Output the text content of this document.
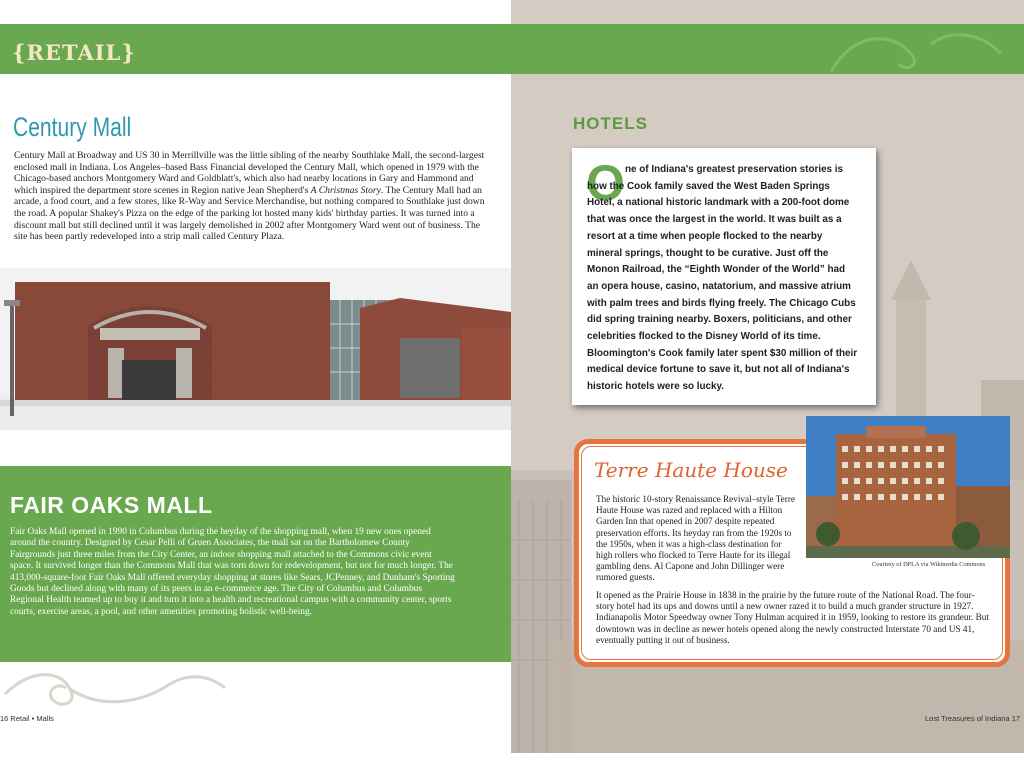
{RETAIL}
Century Mall

Century Mall at Broadway and US 30 in Merrillville was the little sibling of the nearby Southlake Mall, the second-largest enclosed mall in Indiana. Los Angeles–based Bass Financial developed the Century Mall, which opened in 1979 with the Chicago-based anchors Montgomery Ward and Goldblatt's, which also had nearby locations in Gary and Hammond and which inspired the department store scenes in Region native Jean Shepherd's A Christmas Story. The Century Mall had an arcade, a food court, and a few stores, like R-Way and Service Merchandise, but nothing compared to Southlake just down the road. A popular Shakey's Pizza on the edge of the parking lot hosted many kids' birthday parties. It was turned into a discount mall but still declined until it was largely demolished in 2002 after Montgomery Ward went out of business. The site has been partly redeveloped into a strip mall called Century Plaza.

FAIR OAKS MALL

Fair Oaks Mall opened in 1990 in Columbus during the heyday of the shopping mall, when 19 new ones opened around the country. Designed by Cesar Pelli of Gruen Associates, the mall sat on the Bartholomew County Fairgrounds just three miles from the City Center, an indoor shopping mall attached to the Commons civic event space. It survived longer than the Commons Mall that was torn down for redevelopment, but not for much longer. The 413,000-square-foot Fair Oaks Mall offered everyday shopping at stores like Sears, JCPenney, and Dunham's Sporting Goods but declined along with many of its peers in an e-commerce age. The City of Columbus and Columbus Regional Health teamed up to buy it and turn it into a health and recreational campus with a community center, sports courts, exercise areas, a pool, and other amenities promoting holistic well-being.

16 Retail • Malls
HOTELS
O ne of Indiana's greatest preservation stories is how the Cook family saved the West Baden Springs Hotel, a national historic landmark with a 200-foot dome that was once the largest in the world. It was built as a resort at a time when people flocked to the nearby mineral springs, thought to be curative. Just off the Monon Railroad, the “Eighth Wonder of the World” had an opera house, casino, natatorium, and massive atrium with palm trees and birds flying freely. The Chicago Cubs did spring training nearby. Boxers, politicians, and other celebrities flocked to the Disney World of its time. Bloomington's Cook family later spent $30 million of their medical device fortune to save it, but not all of Indiana's historic hotels were so lucky.

Terre Haute House
Courtesy of DPLA via Wikimedia Commons

The historic 10-story Renaissance Revival–style Terre Haute House was razed and replaced with a Hilton Garden Inn that opened in 2007 despite repeated preservation efforts. Its heyday ran from the 1920s to the 1950s, when it was a high-class destination for high rollers who flocked to Terre Haute for its illegal gambling dens. Al Capone and John Dillinger were rumored guests.

It opened as the Prairie House in 1838 in the prairie by the future route of the National Road. The four-story hotel had its ups and downs until a new owner razed it to build a much grander structure in 1927. Indianapolis Motor Speedway owner Tony Hulman acquired it in 1959, looking to restore its grandeur. But downtown was in decline as newer hotels opened along the newly constructed Interstate 70 and US 41, eventually putting it out of business.

Lost Treasures of Indiana 17
